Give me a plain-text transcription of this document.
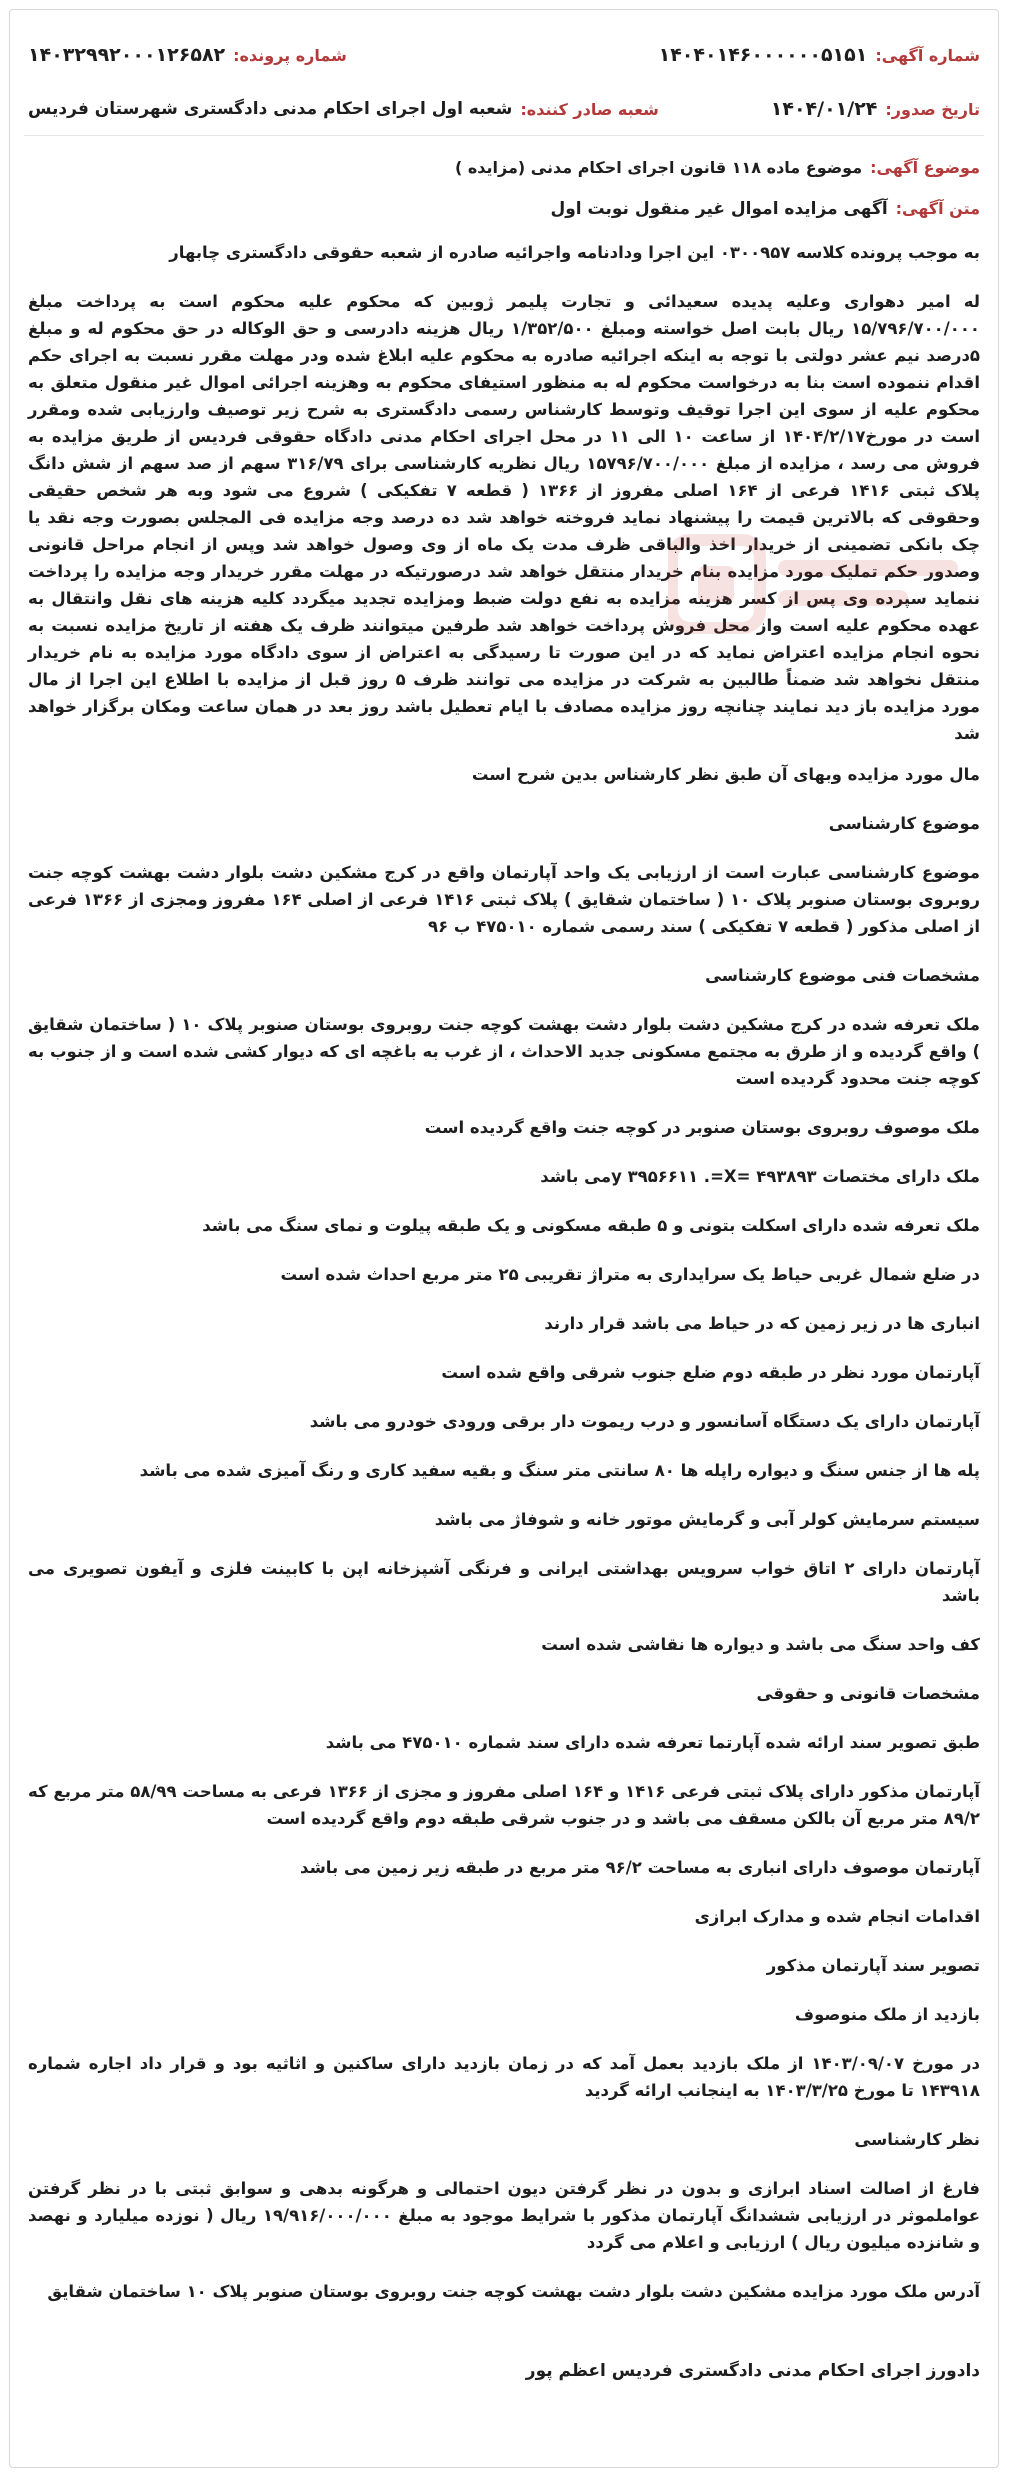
شماره آگهی:
۱۴۰۴۰۱۴۶۰۰۰۰۰۰۵۱۵۱
شماره پرونده:
۱۴۰۳۲۹۹۲۰۰۰۱۲۶۵۸۲
تاریخ صدور:
۱۴۰۴/۰۱/۲۴
شعبه صادر کننده:
شعبه اول اجرای احکام مدنی دادگستری شهرستان فردیس
موضوع آگهی:موضوع ماده ۱۱۸ قانون اجرای احکام مدنی (مزایده )
متن آگهی:آگهی مزایده اموال غیر منقول نوبت اول

به موجب پرونده کلاسه ۰۳۰۰۹۵۷ این اجرا ودادنامه واجرائیه صادره از شعبه حقوقی دادگستری چابهار

له امیر دهواری وعلیه پدیده سعیدائی و تجارت پلیمر ژوبین که محکوم علیه محکوم است به پرداخت مبلغ ۱۵/۷۹۶/۷۰۰/۰۰۰ ریال بابت اصل خواسته ومبلغ ۱/۳۵۲/۵۰۰ ریال هزینه دادرسی و حق الوکاله در حق محکوم له و مبلغ ۵درصد نیم عشر دولتی با توجه به اینکه اجرائیه صادره به محکوم علیه ابلاغ شده ودر مهلت مقرر نسبت به اجرای حکم اقدام ننموده است بنا به درخواست محکوم له به منظور استیفای محکوم به وهزینه اجرائی اموال غیر منقول متعلق به محکوم علیه از سوی این اجرا توقیف وتوسط کارشناس رسمی دادگستری به شرح زیر توصیف وارزیابی شده ومقرر است در مورخ۱۴۰۴/۲/۱۷ از ساعت ۱۰ الی ۱۱ در محل اجرای احکام مدنی دادگاه حقوقی فردیس از طریق مزایده به فروش می رسد ، مزایده از مبلغ ۱۵۷۹۶/۷۰۰/۰۰۰ ریال نظریه کارشناسی برای ۳۱۶/۷۹ سهم از صد سهم از شش دانگ پلاک ثبتی ۱۴۱۶ فرعی از ۱۶۴ اصلی مفروز از ۱۳۶۶ ( قطعه ۷ تفکیکی ) شروع می شود وبه هر شخص حقیقی وحقوقی که بالاترین قیمت را پیشنهاد نماید فروخته خواهد شد ده درصد وجه مزایده فی المجلس بصورت وجه نقد یا چک بانکی تضمینی از خریدار اخذ والباقی ظرف مدت یک ماه از وی وصول خواهد شد وپس از انجام مراحل قانونی وصدور حکم تملیک مورد مزایده بنام خریدار منتقل خواهد شد درصورتیکه در مهلت مقرر خریدار وجه مزایده را پرداخت ننماید سپرده وی پس از کسر هزینه مزایده به نفع دولت ضبط ومزایده تجدید میگردد کلیه هزینه های نقل وانتقال به عهده محکوم علیه است واز محل فروش پرداخت خواهد شد طرفین میتوانند ظرف یک هفته از تاریخ مزایده نسبت به نحوه انجام مزایده اعتراض نماید که در این صورت تا رسیدگی به اعتراض از سوی دادگاه مورد مزایده به نام خریدار منتقل نخواهد شد ضمناً طالبین به شرکت در مزایده می توانند ظرف ۵ روز قبل از مزایده با اطلاع این اجرا از مال مورد مزایده باز دید نمایند چنانچه روز مزایده مصادف با ایام تعطیل باشد روز بعد در همان ساعت ومکان برگزار خواهد شد

مال مورد مزایده وبهای آن طبق نظر کارشناس بدین شرح است

موضوع کارشناسی

موضوع کارشناسی عبارت است از ارزیابی یک واحد آپارتمان واقع در کرج مشکین دشت بلوار دشت بهشت کوچه جنت روبروی بوستان صنوبر پلاک ۱۰ ( ساختمان شقایق ) پلاک ثبتی ۱۴۱۶ فرعی از اصلی ۱۶۴ مفروز ومجزی از ۱۳۶۶ فرعی از اصلی مذکور ( قطعه ۷ تفکیکی ) سند رسمی شماره ۴۷۵۰۱۰ ب ۹۶

مشخصات فنی موضوع کارشناسی

ملک تعرفه شده در کرج مشکین دشت بلوار دشت بهشت کوچه جنت روبروی بوستان صنوبر پلاک ۱۰ ( ساختمان شقایق ) واقع گردیده و از طرق به مجتمع مسکونی جدید الاحداث ، از غرب به باغچه ای که دیوار کشی شده است و از جنوب به کوچه جنت محدود گردیده است

ملک موصوف روبروی بوستان صنوبر در کوچه جنت واقع گردیده است

ملک دارای مختصات ۴۹۳۸۹۳ =y ۳۹۵۶۶۱۱ .=Xمی باشد

ملک تعرفه شده دارای اسکلت بتونی و ۵ طبقه مسکونی و یک طبقه پیلوت و نمای سنگ می باشد

در ضلع شمال غربی حیاط یک سرایداری به متراژ تقریبی ۲۵ متر مربع احداث شده است

انباری ها در زیر زمین که در حیاط می باشد قرار دارند

آپارتمان مورد نظر در طبقه دوم ضلع جنوب شرقی واقع شده است

آپارتمان دارای یک دستگاه آسانسور و درب ریموت دار برقی ورودی خودرو می باشد

پله ها از جنس سنگ و دیواره راپله ها ۸۰ سانتی متر سنگ و بقیه سفید کاری و رنگ آمیزی شده می باشد

سیستم سرمایش کولر آبی و گرمایش موتور خانه و شوفاژ می باشد

آپارتمان دارای ۲ اتاق خواب سرویس بهداشتی ایرانی و فرنگی آشپزخانه اپن با کابینت فلزی و آیفون تصویری می باشد

کف واحد سنگ می باشد و دیواره ها نقاشی شده است

مشخصات قانونی و حقوقی

طبق تصویر سند ارائه شده آپارتما تعرفه شده دارای سند شماره ۴۷۵۰۱۰ می باشد

آپارتمان مذکور دارای پلاک ثبتی فرعی ۱۴۱۶ و ۱۶۴ اصلی مفروز و مجزی از ۱۳۶۶ فرعی به مساحت ۵۸/۹۹ متر مربع که ۸۹/۲ متر مربع آن بالکن مسقف می باشد و در جنوب شرقی طبقه دوم واقع گردیده است

آپارتمان موصوف دارای انباری به مساحت ۹۶/۲ متر مربع در طبقه زیر زمین می باشد

اقدامات انجام شده و مدارک ابرازی

تصویر سند آپارتمان مذکور

بازدید از ملک منوصوف

در مورخ ۱۴۰۳/۰۹/۰۷ از ملک بازدید بعمل آمد که در زمان بازدید دارای ساکنین و اثاثیه بود و قرار داد اجاره شماره ۱۴۳۹۱۸ تا مورخ ۱۴۰۳/۳/۲۵ به اینجانب ارائه گردید

نظر کارشناسی

فارغ از اصالت اسناد ابرازی و بدون در نظر گرفتن دیون احتمالی و هرگونه بدهی و سوابق ثبتی با در نظر گرفتن عواملموثر در ارزیابی ششدانگ آپارتمان مذکور با شرایط موجود به مبلغ ۱۹/۹۱۶/۰۰۰/۰۰۰ ریال ( نوزده میلیارد و نهصد و شانزده میلیون ریال ) ارزیابی و اعلام می گردد

آدرس ملک مورد مزایده مشکین دشت بلوار دشت بهشت کوچه جنت روبروی بوستان صنوبر پلاک ۱۰ ساختمان شقایق

دادورز اجرای احکام مدنی دادگستری فردیس اعظم پور
